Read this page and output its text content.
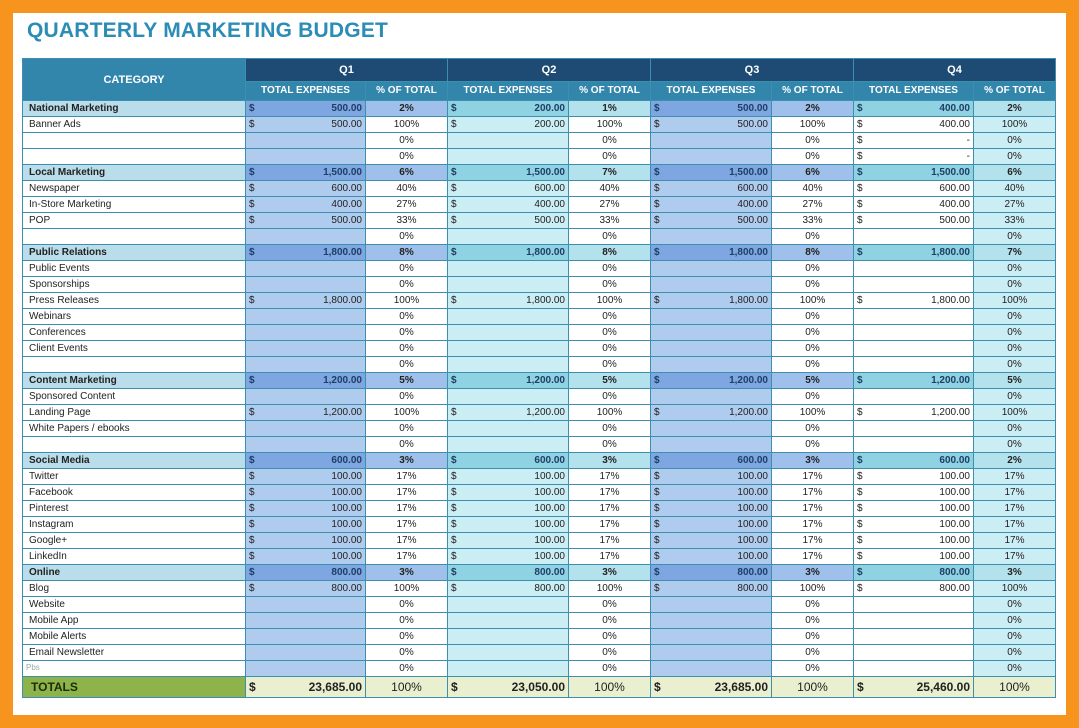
QUARTERLY MARKETING BUDGET
CATEGORY	Q1		Q2		Q3		Q4	
	TOTAL EXPENSES	% OF TOTAL	TOTAL EXPENSES	% OF TOTAL	TOTAL EXPENSES	% OF TOTAL	TOTAL EXPENSES	% OF TOTAL
National Marketing	$ 500.00	2%	$ 200.00	1%	$ 500.00	2%	$ 400.00	2%
Banner Ads	$ 500.00	100%	$ 200.00	100%	$ 500.00	100%	$ 400.00	100%

	0%		0%		0%	$ -	0%

	0%		0%		0%	$ -	0%
Local Marketing	$ 1,500.00	6%	$ 1,500.00	7%	$ 1,500.00	6%	$ 1,500.00	6%
Newspaper	$ 600.00	40%	$ 600.00	40%	$ 600.00	40%	$ 600.00	40%
In-Store Marketing	$ 400.00	27%	$ 400.00	27%	$ 400.00	27%	$ 400.00	27%
POP	$ 500.00	33%	$ 500.00	33%	$ 500.00	33%	$ 500.00	33%

	0%		0%		0%		0%
Public Relations	$ 1,800.00	8%	$ 1,800.00	8%	$ 1,800.00	8%	$ 1,800.00	7%
Public Events		0%		0%		0%		0%
Sponsorships		0%		0%		0%		0%
Press Releases	$ 1,800.00	100%	$ 1,800.00	100%	$ 1,800.00	100%	$ 1,800.00	100%
Webinars		0%		0%		0%		0%
Conferences		0%		0%		0%		0%
Client Events		0%		0%		0%		0%

	0%		0%		0%		0%
Content Marketing	$ 1,200.00	5%	$ 1,200.00	5%	$ 1,200.00	5%	$ 1,200.00	5%
Sponsored Content		0%		0%		0%		0%
Landing Page	$ 1,200.00	100%	$ 1,200.00	100%	$ 1,200.00	100%	$ 1,200.00	100%
White Papers / ebooks		0%		0%		0%		0%

	0%		0%		0%		0%
Social Media	$ 600.00	3%	$ 600.00	3%	$ 600.00	3%	$ 600.00	2%
Twitter	$ 100.00	17%	$ 100.00	17%	$ 100.00	17%	$ 100.00	17%
Facebook	$ 100.00	17%	$ 100.00	17%	$ 100.00	17%	$ 100.00	17%
Pinterest	$ 100.00	17%	$ 100.00	17%	$ 100.00	17%	$ 100.00	17%
Instagram	$ 100.00	17%	$ 100.00	17%	$ 100.00	17%	$ 100.00	17%
Google+	$ 100.00	17%	$ 100.00	17%	$ 100.00	17%	$ 100.00	17%
LinkedIn	$ 100.00	17%	$ 100.00	17%	$ 100.00	17%	$ 100.00	17%
Online	$ 800.00	3%	$ 800.00	3%	$ 800.00	3%	$ 800.00	3%
Blog	$ 800.00	100%	$ 800.00	100%	$ 800.00	100%	$ 800.00	100%
Website		0%		0%		0%		0%
Mobile App		0%		0%		0%		0%
Mobile Alerts		0%		0%		0%		0%
Email Newsletter		0%		0%		0%		0%

	0%		0%		0%		0%
TOTALS	$ 23,685.00	100%	$ 23,050.00	100%	$ 23,685.00	100%	$ 25,460.00	100%
Pbs
